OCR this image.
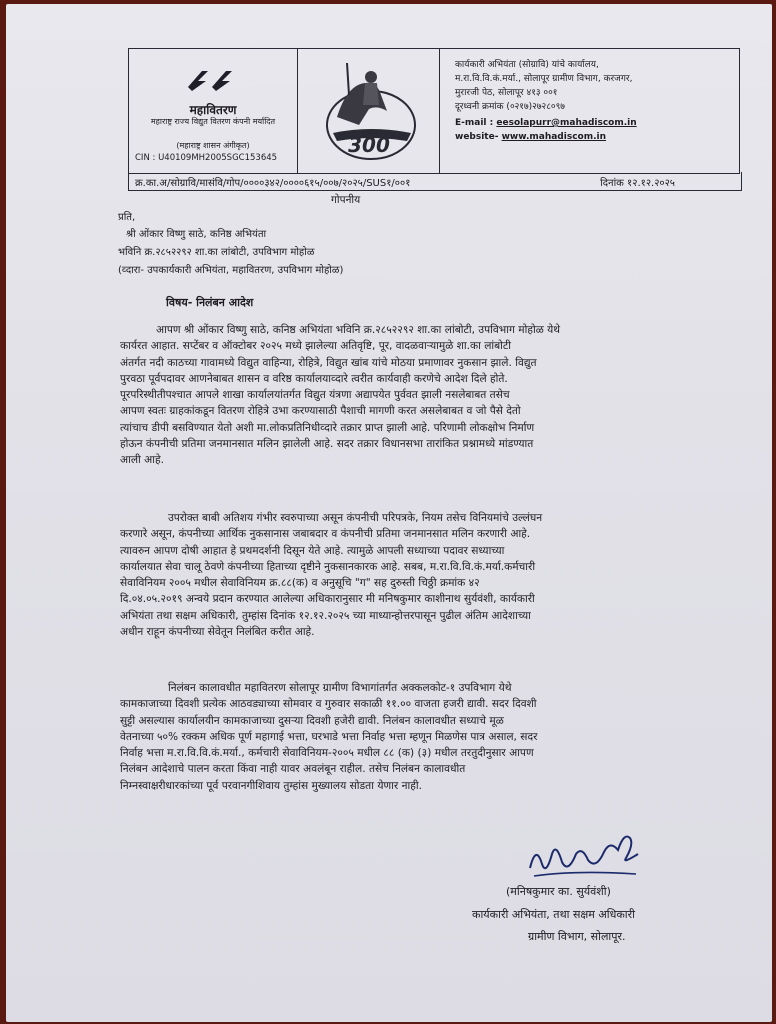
महावितरण
महाराष्ट्र राज्य विद्युत वितरण कंपनी मर्यादित
(महाराष्ट्र शासन अंगीकृत)
CIN : U40109MH2005SGC153645
300
कार्यकारी अभियंता (सोग्रावि) यांचे कार्यालय,
म.रा.वि.वि.कं.मर्या., सोलापूर ग्रामीण विभाग, करजगर,
मुरारजी पेठ, सोलापूर ४१३ ००१
दूरध्वनी क्रमांक (०२१७)२७२८०९७
E-mail : eesolapurr@mahadiscom.in
website- www.mahadiscom.in
क्र.का.अ/सोग्रावि/मासंवि/गोप/००००३४२/००००६१५/००७/२०२५/SUS१/००१	दिनांक १२.१२.२०२५
गोपनीय
प्रति,
श्री ओंकार विष्णु साठे, कनिष्ठ अभियंता
भविनि क्र.२८५२२९२ शा.का लांबोटी, उपविभाग मोहोळ
(व्दारा- उपकार्यकारी अभियंता, महावितरण, उपविभाग मोहोळ)
विषय- निलंबन आदेश
आपण श्री ओंकार विष्णु साठे, कनिष्ठ अभियंता भविनि क्र.२८५२२९२ शा.का लांबोटी, उपविभाग मोहोळ येथे
कार्यरत आहात. सप्टेंबर व ऑक्टोबर २०२५ मध्ये झालेल्या अतिवृष्टि, पूर, वादळवाऱ्यामुळे शा.का लांबोटी
अंतर्गत नदी काठच्या गावामध्ये विद्युत वाहिन्या, रोहित्रे, विद्युत खांब यांचे मोठया प्रमाणावर नुकसान झाले. विद्युत
पुरवठा पूर्वपदावर आणनेबाबत शासन व वरिष्ठ कार्यालयाव्दारे त्वरीत कार्यवाही करणेचे आदेश दिले होते.
पूरपरिस्थीतीपश्चात आपले शाखा कार्यालयांतर्गत विद्युत यंत्रणा अद्यापयेत पुर्ववत झाली नसलेबाबत तसेच
आपण स्वतः ग्राहकांकडून वितरण रोहित्रे उभा करण्यासाठी पैशाची मागणी करत असलेबाबत व जो पैसे देतो
त्यांचाच डीपी बसविण्यात येतो अशी मा.लोकप्रतिनिधीव्दारे तक्रार प्राप्त झाली आहे. परिणामी लोकक्षोभ निर्माण
होऊन कंपनीची प्रतिमा जनमानसात मलिन झालेली आहे. सदर तक्रार विधानसभा तारांकित प्रश्नामध्ये मांडण्यात
आली आहे.
उपरोक्त बाबी अतिशय गंभीर स्वरुपाच्या असून कंपनीची परिपत्रके, नियम तसेच विनियमांचे उल्लंघन
करणारे असून, कंपनीच्या आर्थिक नुकसानास जबाबदार व कंपनीची प्रतिमा जनमानसात मलिन करणारी आहे.
त्यावरुन आपण दोषी आहात हे प्रथमदर्शनी दिसून येते आहे. त्यामुळे आपली सध्याच्या पदावर सध्याच्या
कार्यालयात सेवा चालू ठेवणे कंपनीच्या हिताच्या दृष्टीने नुकसानकारक आहे. सबब, म.रा.वि.वि.कं.मर्या.कर्मचारी
सेवाविनियम २००५ मधील सेवाविनियम क्र.८८(क) व अनुसूचि "ग" सह दुरुस्ती चिठ्ठी क्रमांक ४२
दि.०४.०५.२०१९ अन्वये प्रदान करण्यात आलेल्या अधिकारानुसार मी मनिषकुमार काशीनाथ सुर्यवंशी, कार्यकारी
अभियंता तथा सक्षम अधिकारी, तुम्हांस दिनांक १२.१२.२०२५ च्या माध्यान्होत्तरपासून पुढील अंतिम आदेशाच्या
अधीन राहून कंपनीच्या सेवेतून निलंबित करीत आहे.
निलंबन कालावधीत महावितरण सोलापूर ग्रामीण विभागांतर्गत अक्कलकोट-१ उपविभाग येथे
कामकाजाच्या दिवशी प्रत्येक आठवड्याच्या सोमवार व गुरुवार सकाळी ११.०० वाजता हजरी द्यावी. सदर दिवशी
सुट्टी असल्यास कार्यालयीन कामकाजाच्या दुसऱ्या दिवशी हजेरी द्यावी. निलंबन कालावधीत सध्याचे मूळ
वेतनाच्या ५०% रक्कम अधिक पूर्ण महागाई भत्ता, घरभाडे भत्ता निर्वाह भत्ता म्हणून मिळणेस पात्र असाल, सदर
निर्वाह भत्ता म.रा.वि.वि.कं.मर्या., कर्मचारी सेवाविनियम-२००५ मधील ८८ (क) (३) मधील तरतुदीनुसार आपण
निलंबन आदेशाचे पालन करता किंवा नाही यावर अवलंबून राहील. तसेच निलंबन कालावधीत
निम्नस्वाक्षरीधारकांच्या पूर्व परवानगीशिवाय तुम्हांस मुख्यालय सोडता येणार नाही.
(मनिषकुमार का. सुर्यवंशी)
कार्यकारी अभियंता, तथा सक्षम अधिकारी
ग्रामीण विभाग, सोलापूर.
